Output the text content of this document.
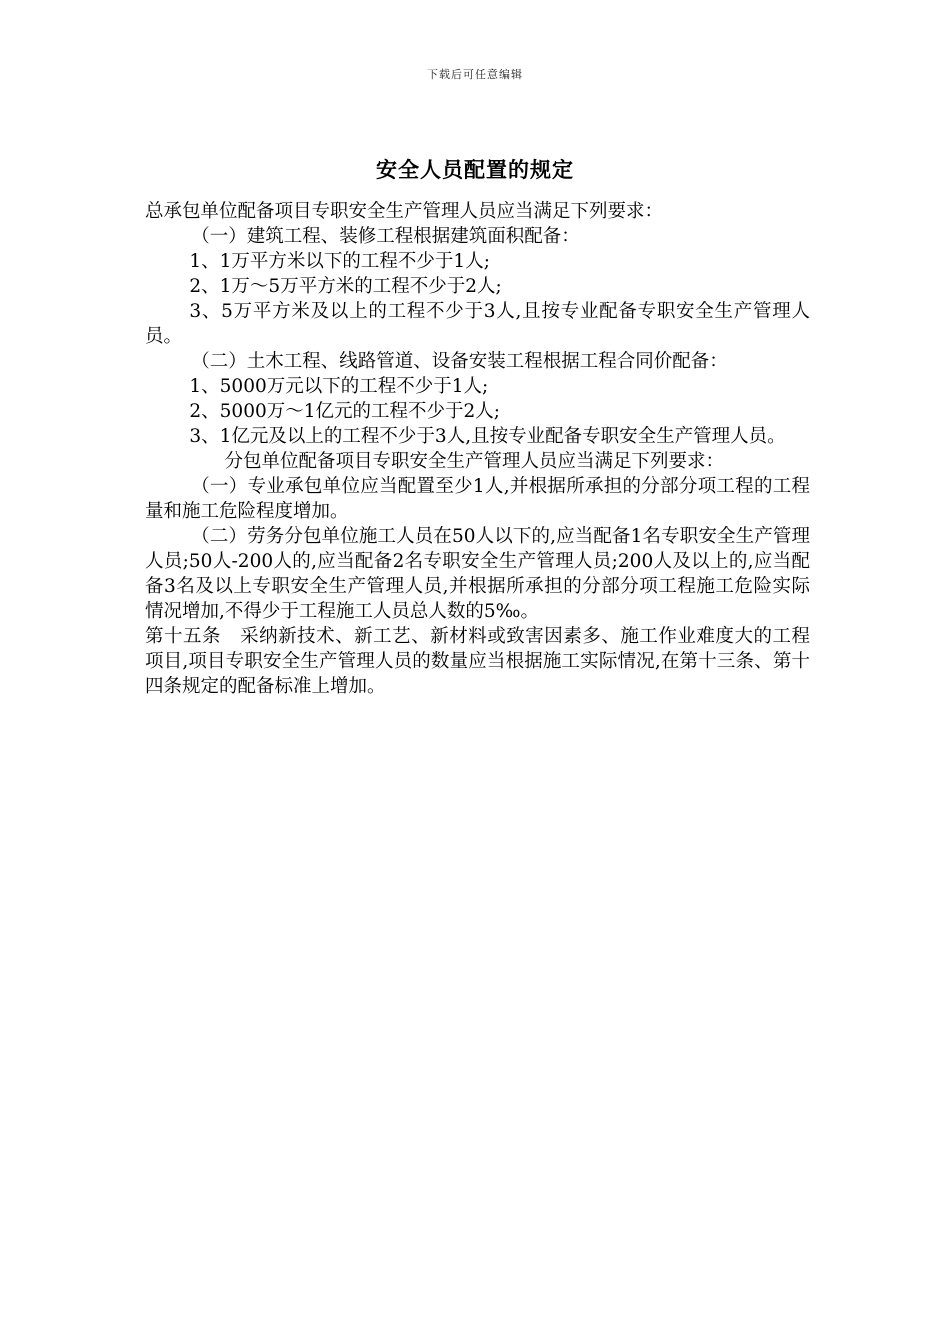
下载后可任意编辑
安全人员配置的规定

总承包单位配备项目专职安全生产管理人员应当满足下列要求：

（一）建筑工程、装修工程根据建筑面积配备：

1、1万平方米以下的工程不少于1人;

2、1万～5万平方米的工程不少于2人;

3、5万平方米及以上的工程不少于3人,且按专业配备专职安全生产管理人员。

（二）土木工程、线路管道、设备安装工程根据工程合同价配备：

1、5000万元以下的工程不少于1人;

2、5000万～1亿元的工程不少于2人;

3、1亿元及以上的工程不少于3人,且按专业配备专职安全生产管理人员。

分包单位配备项目专职安全生产管理人员应当满足下列要求：

（一）专业承包单位应当配置至少1人,并根据所承担的分部分项工程的工程量和施工危险程度增加。

（二）劳务分包单位施工人员在50人以下的,应当配备1名专职安全生产管理人员;50人-200人的,应当配备2名专职安全生产管理人员;200人及以上的,应当配备3名及以上专职安全生产管理人员,并根据所承担的分部分项工程施工危险实际情况增加,不得少于工程施工人员总人数的5‰。

第十五条　采纳新技术、新工艺、新材料或致害因素多、施工作业难度大的工程项目,项目专职安全生产管理人员的数量应当根据施工实际情况,在第十三条、第十四条规定的配备标准上增加。
